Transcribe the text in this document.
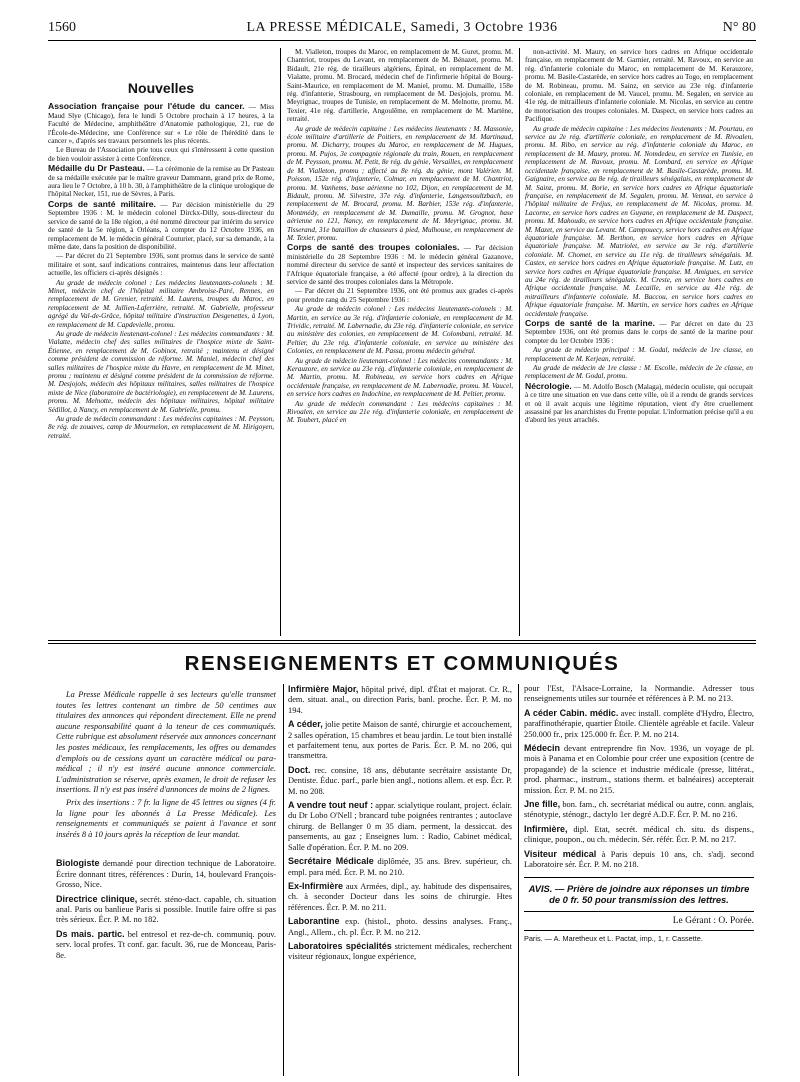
1560	LA PRESSE MÉDICALE, Samedi, 3 Octobre 1936	N° 80
Nouvelles

Association française pour l'étude du cancer. — Miss Maud Slye (Chicago), fera le lundi 5 Octobre prochain à 17 heures, à la Faculté de Médecine, amphithéâtre d'Anatomie pathologique, 21, rue de l'École-de-Médecine, une Conférence sur « Le rôle de l'hérédité dans le cancer », d'après ses travaux personnels les plus récents.

Le Bureau de l'Association prie tous ceux qui s'intéressent à cette question de bien vouloir assister à cette Conférence.

Médaille du Dr Pasteau. — La cérémonie de la remise au Dr Pasteau de sa médaille exécutée par le maître graveur Dammann, grand prix de Rome, aura lieu le 7 Octobre, à 10 h. 30, à l'amphithéâtre de la clinique urologique de l'hôpital Necker, 151, rue de Sèvres, à Paris.

Corps de santé militaire. — Par décision ministérielle du 29 Septembre 1936 : M. le médecin colonel Dirckx-Dilly, sous-directeur du service de santé de la 18e région, a été nommé directeur par intérim du service de santé de la 5e région, à Orléans, à compter du 12 Octobre 1936, en remplacement de M. le médecin général Couturier, placé, sur sa demande, à la même date, dans la position de disponibilité.

— Par décret du 21 Septembre 1936, sont promus dans le service de santé militaire et sont, sauf indications contraires, maintenus dans leur affectation actuelle, les officiers ci-après désignés :

Au grade de médecin colonel : Les médecins lieutenants-colonels : M. Minet, médecin chef de l'hôpital militaire Ambroise-Paré, Rennes, en remplacement de M. Grenier, retraité. M. Laurens, troupes du Maroc, en remplacement de M. Jullien-Laferrière, retraité. M. Gabrielle, professeur agrégé du Val-de-Grâce, hôpital militaire d'instruction Desgenettes, à Lyon, en remplacement de M. Capdevielle, promu.

Au grade de médecin lieutenant-colonel : Les médecins commandants : M. Vialatte, médecin chef des salles militaires de l'hospice mixte de Saint-Étienne, en remplacement de M. Gobinot, retraité ; maintenu et désigné comme président de commission de réforme. M. Maniel, médecin chef des salles militaires de l'hospice mixte du Havre, en remplacement de M. Minet, promu ; maintenu et désigné comme président de la commission de réforme. M. Desjojols, médecin des hôpitaux militaires, salles militaires de l'hospice mixte de Nice (laboratoire de bactériologie), en remplacement de M. Laurens, promu. M. Melnotte, médecin des hôpitaux militaires, hôpital militaire Sédillot, à Nancy, en remplacement de M. Gabrielle, promu.

Au grade de médecin commandant : Les médecins capitaines : M. Peysson, 8e rég. de zouaves, camp de Mourmelon, en remplacement de M. Hirigoyen, retraité.

M. Vialleton, troupes du Maroc, en remplacement de M. Guret, promu. M. Chantriot, troupes du Levant, en remplacement de M. Bénazet, promu. M. Bidault, 21e rég. de tirailleurs algériens, Épinal, en remplacement de M. Vialatte, promu. M. Brocard, médecin chef de l'infirmerie hôpital de Bourg-Saint-Maurice, en remplacement de M. Maniel, promu. M. Dumaille, 158e rég. d'infanterie, Strasbourg, en remplacement de M. Desjojols, promu. M. Meyrignac, troupes de Tunisie, en remplacement de M. Melnotte, promu. M. Texier, 41e rég. d'artillerie, Angoulême, en remplacement de M. Martène, retraité.

Au grade de médecin capitaine : Les médecins lieutenants : M. Massonie, école militaire d'artillerie de Poitiers, en remplacement de M. Martinaud, promu. M. Dicharry, troupes du Maroc, en remplacement de M. Hugues, promu. M. Pujos, 3e compagnie régionale du train, Rouen, en remplacement de M. Peysson, promu. M. Petit, 8e rég. du génie, Versailles, en remplacement de M. Vialleton, promu ; affecté au 8e rég. du génie, mont Valérien. M. Poisson, 152e rég. d'infanterie, Colmar, en remplacement de M. Chantriot, promu. M. Vanhems, base aérienne no 102, Dijon, en remplacement de M. Bidault, promu. M. Silvestre, 37e rég. d'infanterie, Langensoultzbach, en remplacement de M. Brocard, promu. M. Barbier, 153e rég. d'infanterie, Montmédy, en remplacement de M. Dumaille, promu. M. Grognot, base aérienne no 121, Nancy, en remplacement de M. Meyrignac, promu. M. Tisserand, 31e bataillon de chasseurs à pied, Mulhouse, en remplacement de M. Texier, promu.

Corps de santé des troupes coloniales. — Par décision ministérielle du 28 Septembre 1936 : M. le médecin général Gazanove, nommé directeur du service de santé et inspecteur des services sanitaires de l'Afrique équatoriale française, a été affecté (pour ordre), à la direction du service de santé des troupes coloniales dans la Métropole.

— Par décret du 21 Septembre 1936, ont été promus aux grades ci-après pour prendre rang du 25 Septembre 1936 :

Au grade de médecin colonel : Les médecins lieutenants-colonels : M. Martin, en service au 3e rég. d'infanterie coloniale, en remplacement de M. Trividic, retraité. M. Labernadie, du 23e rég. d'infanterie coloniale, en service au ministère des colonies, en remplacement de M. Colombani, retraité. M. Peltier, du 23e rég. d'infanterie coloniale, en service au ministère des Colonies, en remplacement de M. Passa, promu médecin général.

Au grade de médecin lieutenant-colonel : Les médecins commandants : M. Kerauzore, en service au 23e rég. d'infanterie coloniale, en remplacement de M. Martin, promu. M. Robineau, en service hors cadres en Afrique occidentale française, en remplacement de M. Labernadie, promu. M. Vaucel, en service hors cadres en Indochine, en remplacement de M. Peltier, promu.

Au grade de médecin commandant : Les médecins capitaines : M. Rivoalen, en service au 21e rég. d'infanterie coloniale, en remplacement de M. Toubert, placé en

non-activité. M. Maury, en service hors cadres en Afrique occidentale française, en remplacement de M. Garnier, retraité. M. Ravoux, en service au rég. d'infanterie coloniale du Maroc, en remplacement de M. Kerauzore, promu. M. Basile-Castarède, en service hors cadres au Togo, en remplacement de M. Robineau, promu. M. Sainz, en service au 23e rég. d'infanterie coloniale, en remplacement de M. Vaucel, promu. M. Segalen, en service au 41e rég. de mitrailleurs d'infanterie coloniale. M. Nicolas, en service au centre de motorisation des troupes coloniales. M. Daspect, en service hors cadres au Pacifique.

Au grade de médecin capitaine : Les médecins lieutenants : M. Pourtau, en service au 2e rég. d'artillerie coloniale, en remplacement de M. Rivoalen, promu. M. Ribo, en service au rég. d'infanterie coloniale du Maroc, en remplacement de M. Maury, promu. M. Nomdedeu, en service en Tunisie, en remplacement de M. Ravoux, promu. M. Lombard, en service en Afrique occidentale française, en remplacement de M. Basile-Castarède, promu. M. Gaignaire, en service au 8e rég. de tirailleurs sénégalais, en remplacement de M. Sainz, promu. M. Borie, en service hors cadres en Afrique équatoriale française, en remplacement de M. Segalen, promu. M. Vennat, en service à l'hôpital militaire de Fréjus, en remplacement de M. Nicolas, promu. M. Lacorne, en service hors cadres en Guyane, en remplacement de M. Daspect, promu. M. Mahoudo, en service hors cadres en Afrique occidentale française. M. Mazet, en service au Levant. M. Campouecy, service hors cadres en Afrique équatoriale française. M. Berthon, en service hors cadres en Afrique équatoriale française. M. Matriolet, en service au 3e rég. d'artillerie coloniale. M. Chomet, en service au 11e rég. de tirailleurs sénégalais. M. Castex, en service hors cadres en Afrique équatoriale française. M. Lutz, en service hors cadres en Afrique équatoriale française. M. Amigues, en service au 24e rég. de tirailleurs sénégalais. M. Creste, en service hors cadres en Afrique occidentale française. M. Lecaille, en service au 41e rég. de mitrailleurs d'infanterie coloniale. M. Baccou, en service hors cadres en Afrique équatoriale française. M. Martin, en service hors cadres en Afrique occidentale française.

Corps de santé de la marine. — Par décret en date du 23 Septembre 1936, ont été promus dans le corps de santé de la marine pour compter du 1er Octobre 1936 :

Au grade de médecin principal : M. Godal, médecin de 1re classe, en remplacement de M. Kerjean, retraité.

Au grade de médecin de 1re classe : M. Escolle, médecin de 2e classe, en remplacement de M. Godal, promu.

Nécrologie. — M. Adolfo Bosch (Malaga), médecin oculiste, qui occupait à ce titre une situation en vue dans cette ville, où il a rendu de grands services et où il avait acquis une légitime réputation, vient d'y être cruellement assassiné par les anarchistes du Frente popular. L'information précise qu'il a eu d'abord les yeux arrachés.

RENSEIGNEMENTS ET COMMUNIQUÉS

La Presse Médicale rappelle à ses lecteurs qu'elle transmet toutes les lettres contenant un timbre de 50 centimes aux titulaires des annonces qui répondent directement. Elle ne prend aucune responsabilité quant à la teneur de ces communiqués. Cette rubrique est absolument réservée aux annonces concernant les postes médicaux, les remplacements, les offres ou demandes d'emplois ou de cessions ayant un caractère médical ou para-médical ; il n'y est inséré aucune annonce commerciale. L'administration se réserve, après examen, le droit de refuser les insertions. Il n'y est pas inséré d'annonces de moins de 2 lignes.

Prix des insertions : 7 fr. la ligne de 45 lettres ou signes (4 fr. la ligne pour les abonnés à La Presse Médicale). Les renseignements et communiqués se paient à l'avance et sont insérés 8 à 10 jours après la réception de leur mandat.

Biologiste demandé pour direction technique de Laboratoire. Écrire donnant titres, références : Durin, 14, boulevard François-Grosso, Nice.
Directrice clinique, secrét. sténo-dact. capable, ch. situation anal. Paris ou banlieue Paris si possible. Inutile faire offre si pas très sérieux. Écr. P. M. no 182.
Ds mais. partic. bel entresol et rez-de-ch. communiq. pouv. serv. local profes. Tt conf. gar. facult. 36, rue de Monceau, Paris-8e.
Infirmière Major, hôpital privé, dipl. d'État et majorat. Cr. R., dem. situat. anal., ou direction Paris, banl. proche. Écr. P. M. no 194.
A céder, jolie petite Maison de santé, chirurgie et accouchement, 2 salles opération, 15 chambres et beau jardin. Le tout bien installé et parfaitement tenu, aux portes de Paris. Écr. P. M. no 206, qui transmettra.
Doct. rec. consine, 18 ans, débutante secrétaire assistante Dr, Dentiste. Éduc. parf., parle bien angl., notions allem. et esp. Écr. P. M. no 208.
A vendre tout neuf : appar. scialytique roulant, project. éclair. du Dr Lobo O'Nell ; brancard tube poignées rentrantes ; autoclave chirurg. de Bellanger 0 m 35 diam. perment, la dessiccat. des pansements, au gaz ; Enseignes lum. : Radio, Cabinet médical, Salle d'opération. Écr. P. M. no 209.
Secrétaire Médicale diplômée, 35 ans. Brev. supérieur, ch. empl. para méd. Écr. P. M. no 210.
Ex-Infirmière aux Armées, dipl., ay. habitude des dispensaires, ch. à seconder Docteur dans les soins de chirurgie. Htes références. Écr. P. M. no 211.
Laborantine exp. (histol., photo. dessins analyses. Franç., Angl., Allem., ch. pl. Écr. P. M. no 212.
Laboratoires spécialités strictement médicales, recherchent visiteur régionaux, longue expérience,
pour l'Est, l'Alsace-Lorraine, la Normandie. Adresser tous renseignements utiles sur tournée et références à P. M. no 213.
A céder Cabin. médic. avec install. complète d'Hydro, Électro, paraffinothérapie, quartier Étoile. Clientèle agréable et facile. Valeur 250.000 fr., prix 125.000 fr. Écr. P. M. no 214.
Médecin devant entreprendre fin Nov. 1936, un voyage de pl. mois à Panama et en Colombie pour créer une exposition (centre de propagande) de la science et industrie médicale (presse, littérat., prod. pharmac., instrum., stations therm. et balnéaires) accepterait mission. Écr. P. M. no 215.
Jne fille, bon. fam., ch. secrétariat médical ou autre, conn. anglais, sténotypie, sténogr., dactylo 1er degré A.D.F. Écr. P. M. no 216.
Infirmière, dipl. Etat, secrét. médical ch. situ. ds dispens., clinique, poupon., ou ch. médecin. Sér. référ. Écr. P. M. no 217.
Visiteur médical à Paris depuis 10 ans, ch. s'adj. second Laboratoire sér. Écr. P. M. no 218.
AVIS. — Prière de joindre aux réponses un timbre de 0 fr. 50 pour transmission des lettres.
Le Gérant : O. Porée.
Paris. — A. Maretheux et L. Pactat, imp., 1, r. Cassette.
